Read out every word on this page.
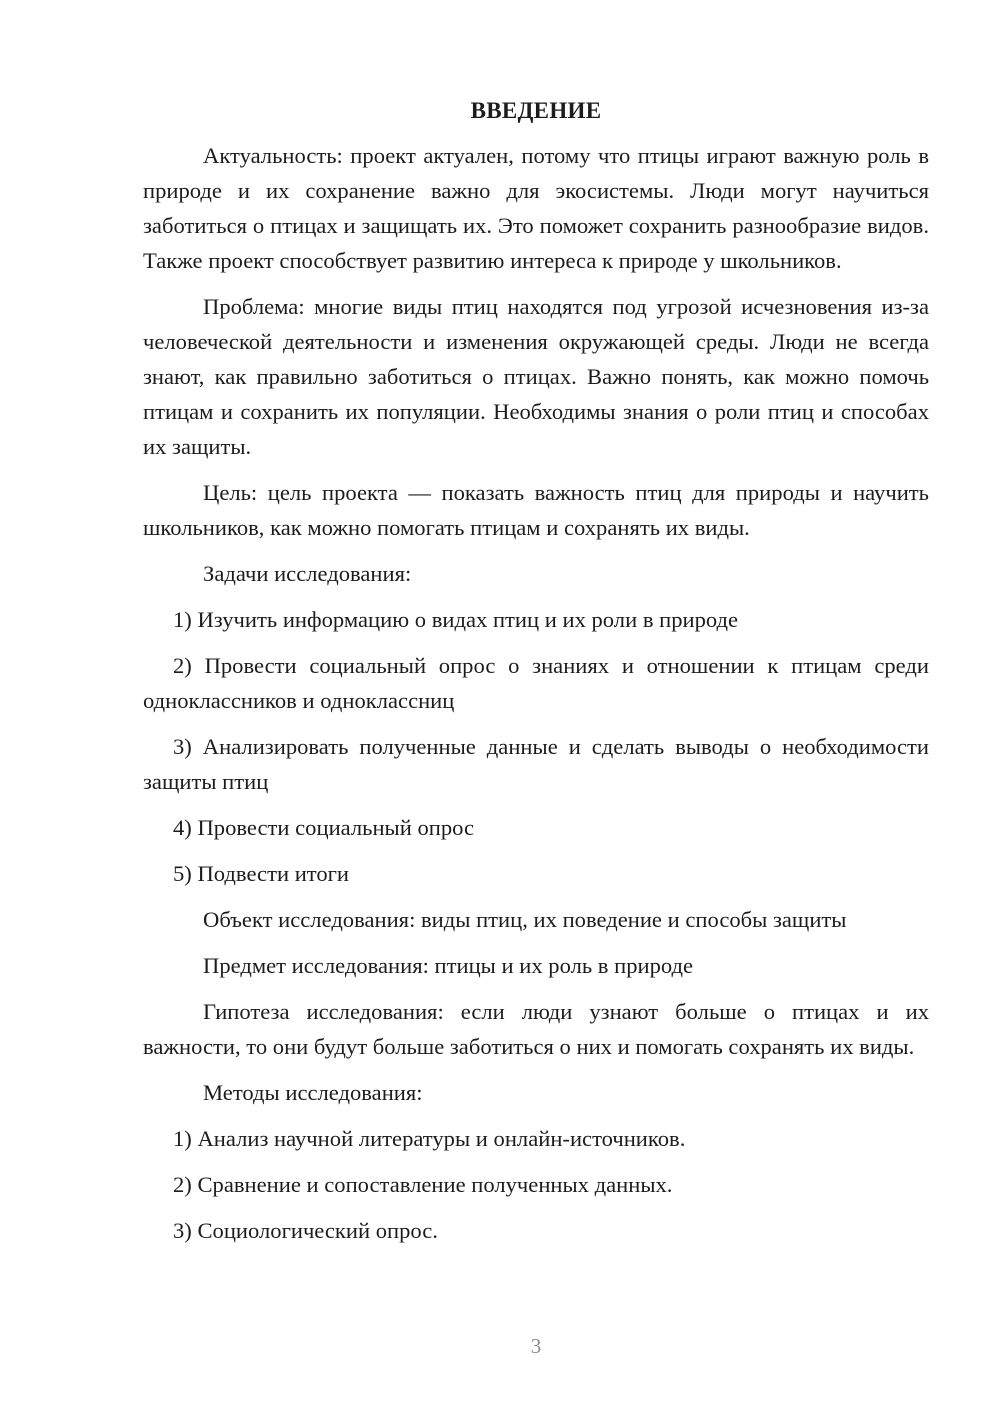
ВВЕДЕНИЕ

Актуальность: проект актуален, потому что птицы играют важную роль в природе и их сохранение важно для экосистемы. Люди могут научиться заботиться о птицах и защищать их. Это поможет сохранить разнообразие видов. Также проект способствует развитию интереса к природе у школьников.

Проблема: многие виды птиц находятся под угрозой исчезновения из-за человеческой деятельности и изменения окружающей среды. Люди не всегда знают, как правильно заботиться о птицах. Важно понять, как можно помочь птицам и сохранить их популяции. Необходимы знания о роли птиц и способах их защиты.

Цель: цель проекта — показать важность птиц для природы и научить школьников, как можно помогать птицам и сохранять их виды.

Задачи исследования:

1) Изучить информацию о видах птиц и их роли в природе

2) Провести социальный опрос о знаниях и отношении к птицам среди одноклассников и одноклассниц

3) Анализировать полученные данные и сделать выводы о необходимости защиты птиц

4) Провести социальный опрос

5) Подвести итоги

Объект исследования: виды птиц, их поведение и способы защиты

Предмет исследования: птицы и их роль в природе

Гипотеза исследования: если люди узнают больше о птицах и их важности, то они будут больше заботиться о них и помогать сохранять их виды.

Методы исследования:

1) Анализ научной литературы и онлайн-источников.

2) Сравнение и сопоставление полученных данных.

3) Социологический опрос.

3
